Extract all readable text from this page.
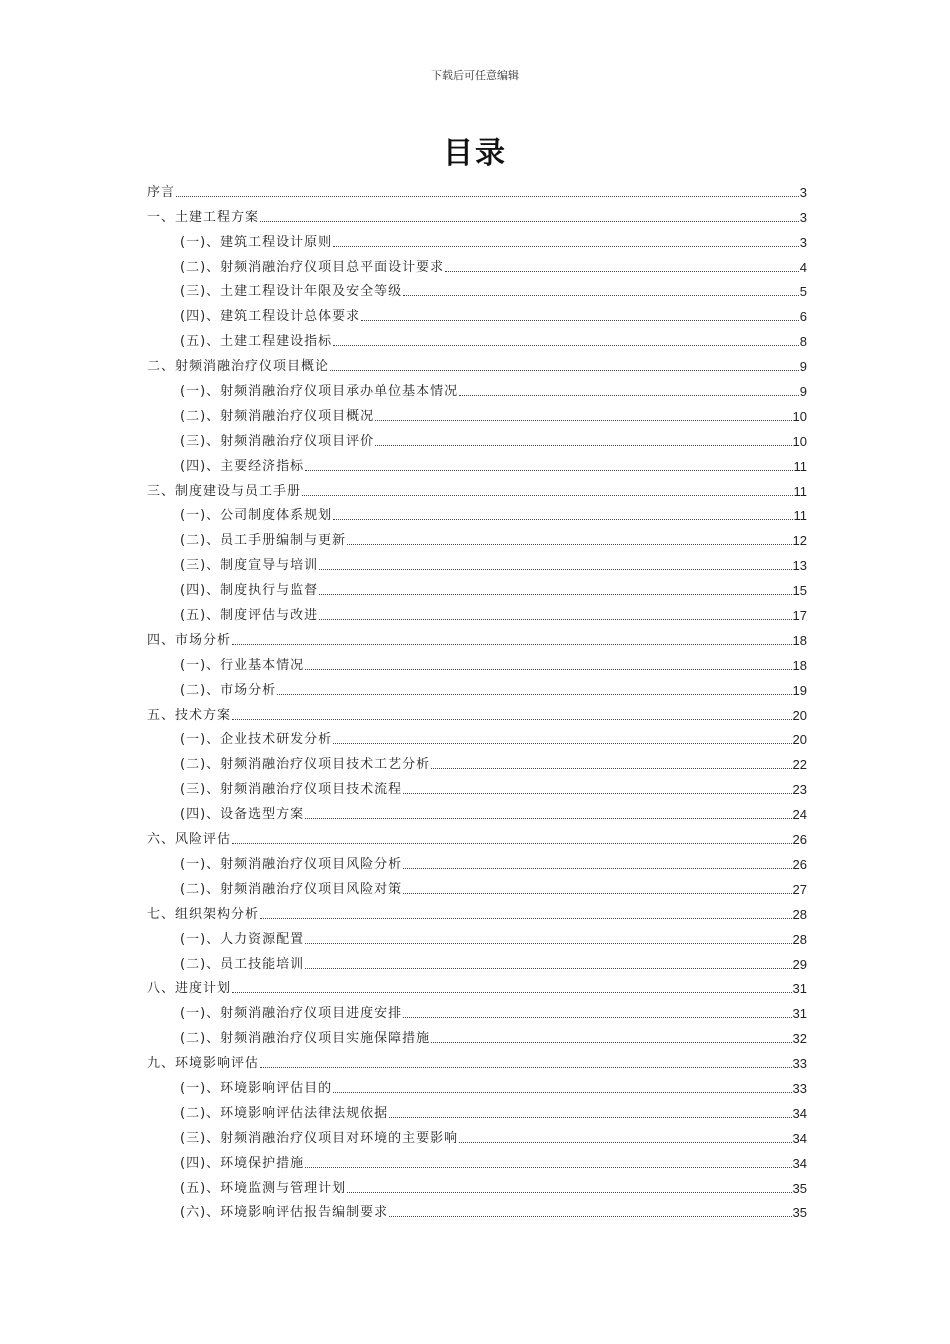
下载后可任意编辑
目录
序言	3
一、土建工程方案	3
(一)、建筑工程设计原则	3
(二)、射频消融治疗仪项目总平面设计要求	4
(三)、土建工程设计年限及安全等级	5
(四)、建筑工程设计总体要求	6
(五)、土建工程建设指标	8
二、射频消融治疗仪项目概论	9
(一)、射频消融治疗仪项目承办单位基本情况	9
(二)、射频消融治疗仪项目概况	10
(三)、射频消融治疗仪项目评价	10
(四)、主要经济指标	11
三、制度建设与员工手册	11
(一)、公司制度体系规划	11
(二)、员工手册编制与更新	12
(三)、制度宣导与培训	13
(四)、制度执行与监督	15
(五)、制度评估与改进	17
四、市场分析	18
(一)、行业基本情况	18
(二)、市场分析	19
五、技术方案	20
(一)、企业技术研发分析	20
(二)、射频消融治疗仪项目技术工艺分析	22
(三)、射频消融治疗仪项目技术流程	23
(四)、设备选型方案	24
六、风险评估	26
(一)、射频消融治疗仪项目风险分析	26
(二)、射频消融治疗仪项目风险对策	27
七、组织架构分析	28
(一)、人力资源配置	28
(二)、员工技能培训	29
八、进度计划	31
(一)、射频消融治疗仪项目进度安排	31
(二)、射频消融治疗仪项目实施保障措施	32
九、环境影响评估	33
(一)、环境影响评估目的	33
(二)、环境影响评估法律法规依据	34
(三)、射频消融治疗仪项目对环境的主要影响	34
(四)、环境保护措施	34
(五)、环境监测与管理计划	35
(六)、环境影响评估报告编制要求	35
